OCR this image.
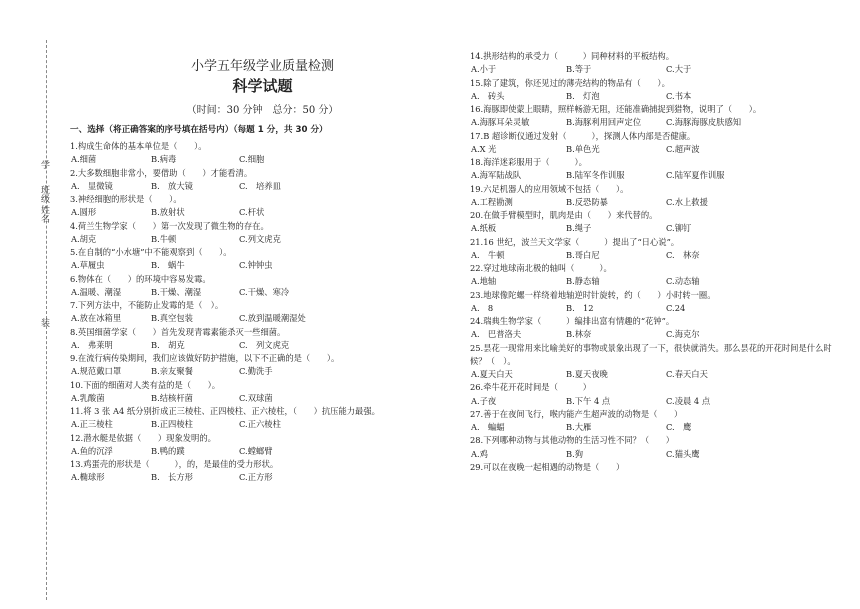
学
班级
姓名
装
小学五年级学业质量检测
科学试题
（时间：30 分钟　总分：50 分）
一、选择（将正确答案的序号填在括号内）（每题 1 分，共 30 分）
1.构成生命体的基本单位是（　　）。
A.细菌	B.病毒	C.细胞
2.大多数细胞非常小，要借助（　　）才能看清。
A.　显微镜	B.　放大镜	C.　培养皿
3.神经细胞的形状是（　　）。
A.圆形	B.放射状	C.杆状
4.荷兰生物学家（　　）第一次发现了微生物的存在。
A.胡克	B.牛顿	C.列文虎克
5.在自制的“小水塘”中不能观察到（　　）。
A.草履虫	B.　蜗牛	C.钟钟虫
6.物体在（　　）的环境中容易发霉。
A.温暖、潮湿	B.干燥、潮湿	C.干燥、寒冷
7.下列方法中，不能防止发霉的是（　）。
A.放在冰箱里	B.真空包装	C.放到温暖潮湿处
8.英国细菌学家（　　）首先发现青霉素能杀灭一些细菌。
A.　弗莱明	B.　胡克	C.　列文虎克
9.在流行病传染期间，我们应该做好防护措施，以下不正确的是（　　）。
A.规范戴口罩	B.亲友聚餐	C.勤洗手
10.下面的细菌对人类有益的是（　　）。
A.乳酸菌	B.结核杆菌	C.双球菌
11.将 3 张 A4 纸分别折成正三棱柱、正四棱柱、正六棱柱，（　　）抗压能力最强。
A.正三棱柱	B.正四棱柱	C.正六棱柱
12.潜水艇是依据（　　）现象发明的。
A.鱼的沉浮	B.鸭的蹼	C.螳螂臂
13.鸡蛋壳的形状是（　　　），的，是最佳的受力形状。
A.椭球形	B.　长方形	C.正方形
14.拱形结构的承受力（　　　）同种材料的平板结构。
A.小于	B.等于	C.大于
15.除了建筑，你还见过的薄壳结构的物品有（　　）。
A.　砖头	B.　灯泡	C.书本
16.海豚即使蒙上眼睛，照样畅游无阻，还能准确捕捉到猎物，说明了（　　）。
A.海豚耳朵灵敏	B.海豚利用回声定位	C.海豚海豚皮肤感知
17.B 超诊断仪通过发射（　　　），探测人体内部是否健康。
A.X 光	B.单色光	C.超声波
18.海洋迷彩服用于（　　　）。
A.海军陆战队	B.陆军冬作训服	C.陆军夏作训服
19.六足机器人的应用领域不包括（　　）。
A.工程勘测	B.反恐防暴	C.水上救援
20.在做手臂模型时，肌肉是由（　　）来代替的。
A.纸板	B.绳子	C.铆钉
21.16 世纪，波兰天文学家（　　　）提出了“日心说”。
A.　牛顿	B.哥白尼	C.　林奈
22.穿过地球南北极的轴叫（　　　）。
A.地轴	B.静态轴	C.动态轴
23.地球像陀螺一样绕着地轴逆时针旋转，约（　　）小时转一圈。
A.　8	B.　12	C.24
24.瑞典生物学家（　　　）编排出富有情趣的“花钟”。
A.　巴普洛夫	B.林奈	C.海克尔
25.昙花一现常用来比喻美好的事物或景象出现了一下，很快就消失。那么昙花的开花时间是什么时候？（　）。
A.夏天白天	B.夏天夜晚	C.春天白天
26.牵牛花开花时间是（　　　）
A.子夜	B.下午 4 点	C.凌晨 4 点
27.善于在夜间飞行，喉内能产生超声波的动物是（　　）
A.　蝙蝠	B.大雁	C.　鹰
28.下列哪种动物与其他动物的生活习性不同？（　　）
A.鸡	B.狗	C.猫头鹰
29.可以在夜晚一起相遇的动物是（　　）
